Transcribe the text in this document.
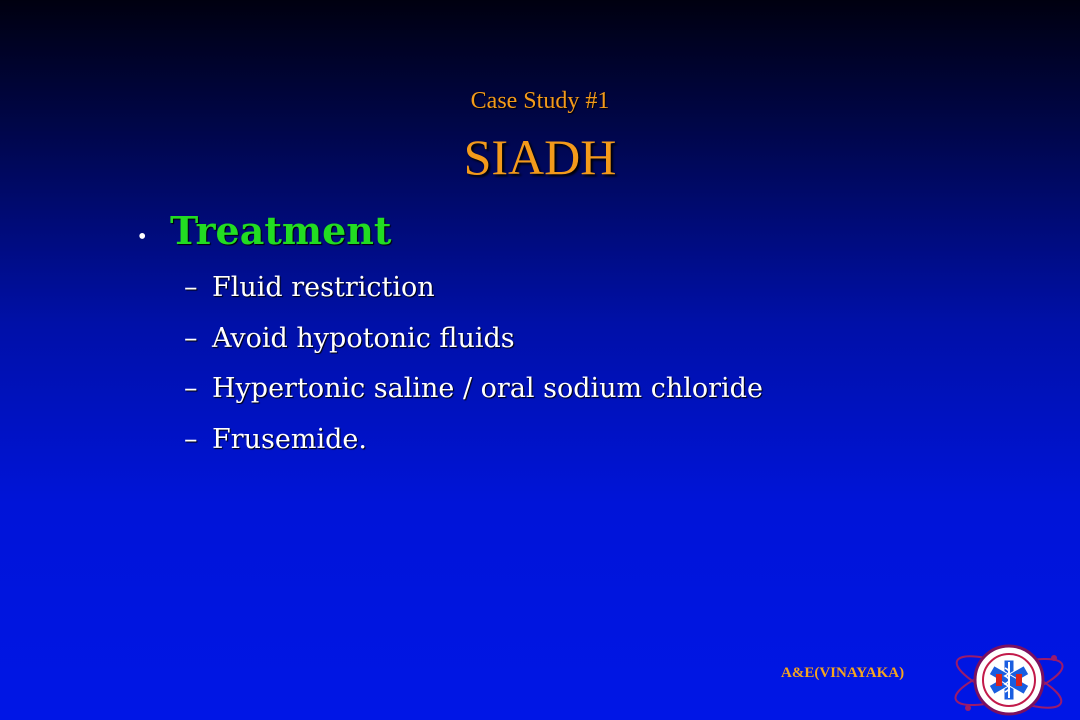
Case Study #1
SIADH
• Treatment
– Fluid restriction
– Avoid hypotonic fluids
– Hypertonic saline / oral sodium chloride
– Frusemide.
A&E(VINAYAKA)
